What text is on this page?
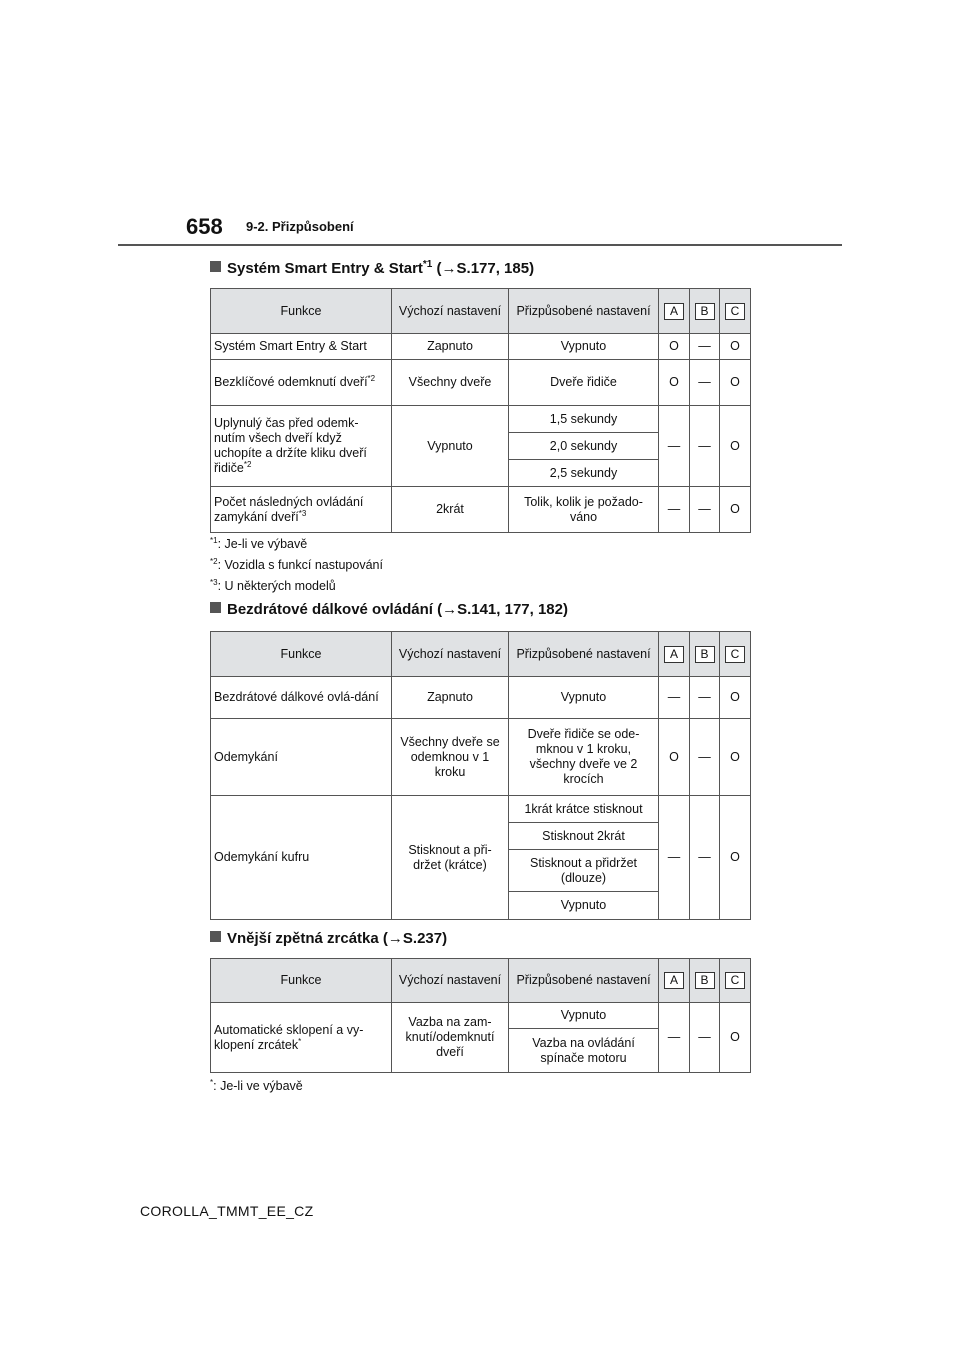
658 9-2. Přizpůsobení
Systém Smart Entry & Start$^{*1}$ (→S.177, 185)
Funkce	Výchozí nastavení	Přizpůsobené nastavení	A	B	C
Systém Smart Entry & Start	Zapnuto	Vypnuto	O	—	O
Bezklíčové odemknutí dveří$^{*2}$	Všechny dveře	Dveře řidiče	O	—	O
Uplynulý čas před odemk-nutím všech dveří když uchopíte a držíte kliku dveří řidiče$^{*2}$	Vypnuto	1,5 sekundy	—	—	O
		2,0 sekundy			
		2,5 sekundy			
Počet následných ovládání zamykání dveří$^{*3}$	2krát	Tolik, kolik je požado-váno	—	—	O
$^{*1}$: Je-li ve výbavě
$^{*2}$: Vozidla s funkcí nastupování
$^{*3}$: U některých modelů
Bezdrátové dálkové ovládání (→S.141, 177, 182)
Funkce	Výchozí nastavení	Přizpůsobené nastavení	A	B	C
Bezdrátové dálkové ovlá-dání	Zapnuto	Vypnuto	—	—	O
Odemykání	Všechny dveře se odemknou v 1 kroku	Dveře řidiče se ode-mknou v 1 kroku, všechny dveře ve 2 krocích	O	—	O
Odemykání kufru	Stisknout a při-držet (krátce)	1krát krátce stisknout	—	—	O
		Stisknout 2krát			
		Stisknout a přidržet (dlouze)			
		Vypnuto			
Vnější zpětná zrcátka (→S.237)
Funkce	Výchozí nastavení	Přizpůsobené nastavení	A	B	C
Automatické sklopení a vy-klopení zrcátek*	Vazba na zam-knutí/odemknutí dveří	Vypnuto	—	—	O
		Vazba na ovládání spínače motoru			
*: Je-li ve výbavě
COROLLA_TMMT_EE_CZ
